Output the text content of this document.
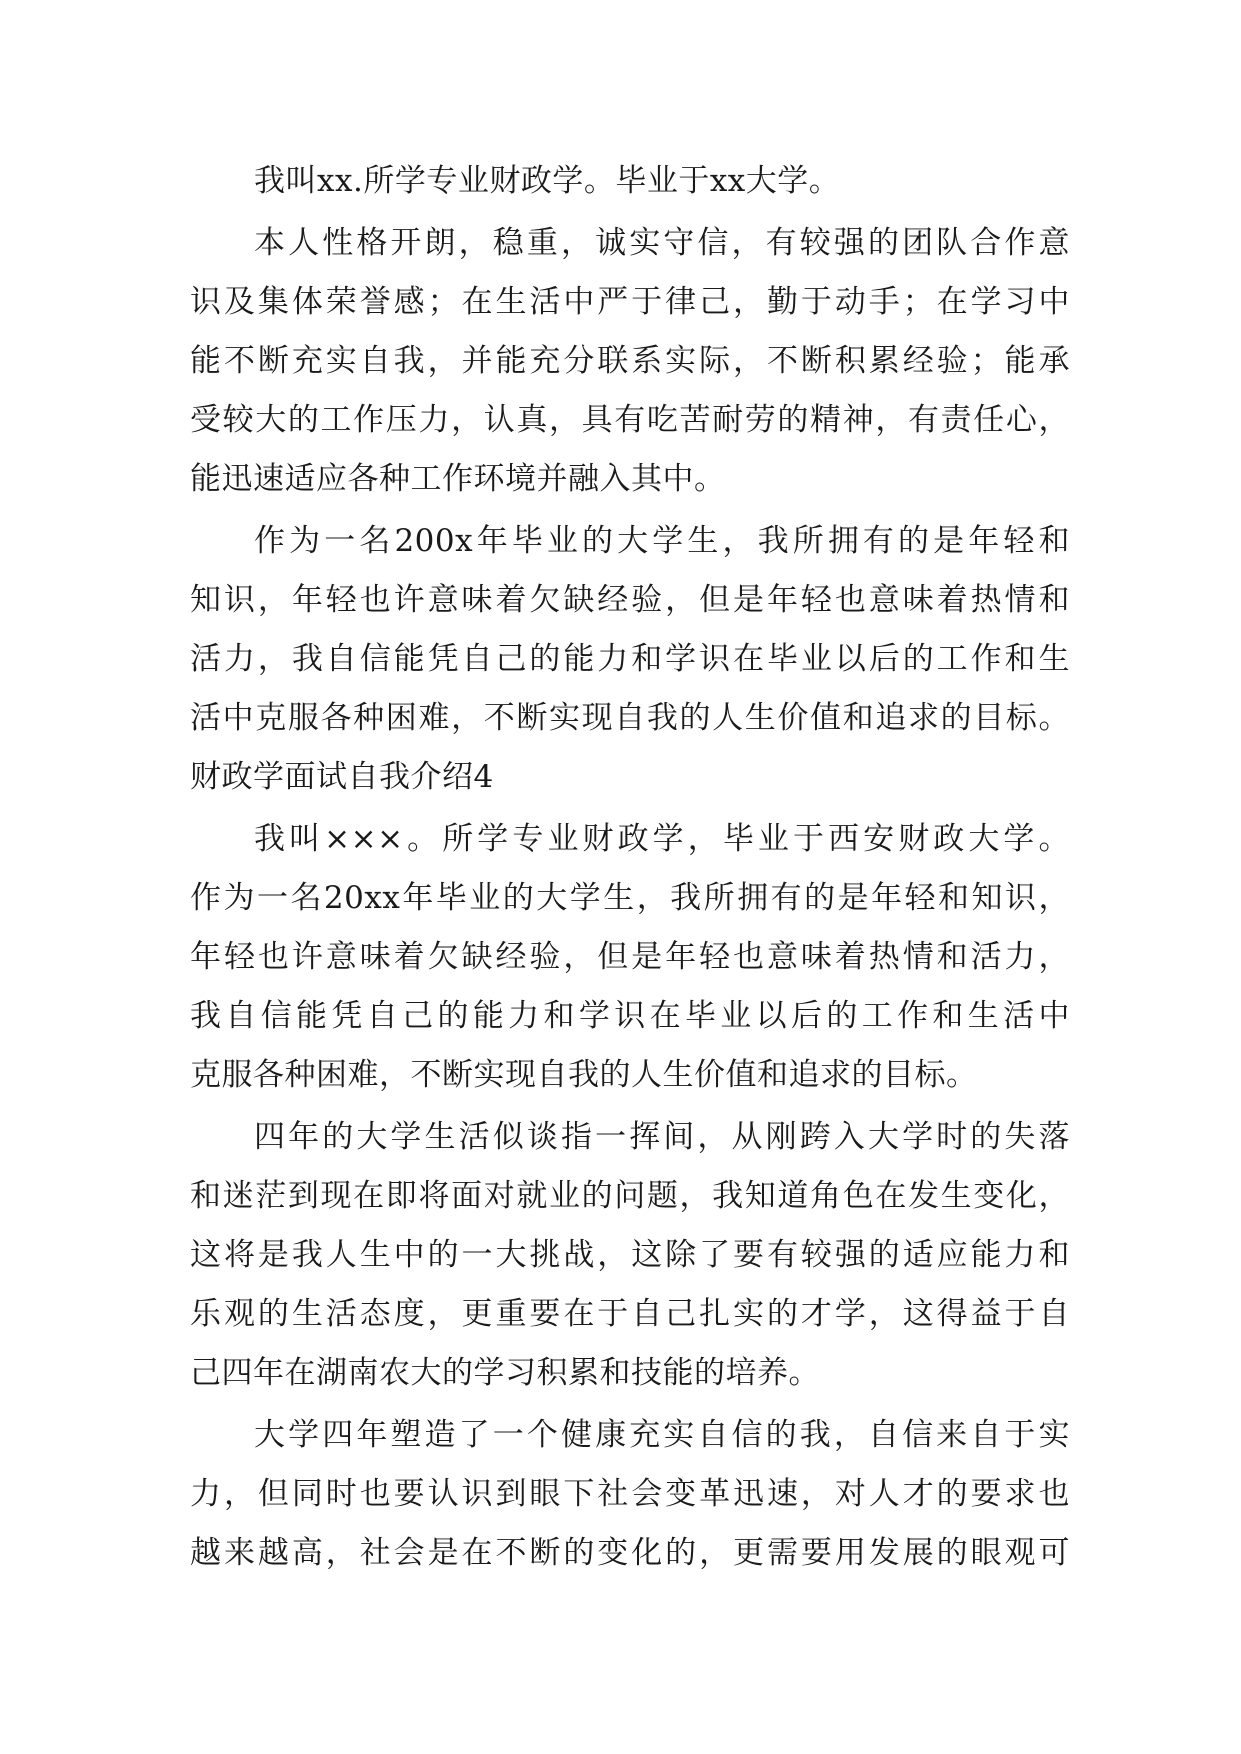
我叫xx.所学专业财政学。毕业于xx大学。
本人性格开朗，稳重，诚实守信，有较强的团队合作意
识及集体荣誉感；在生活中严于律己，勤于动手；在学习中
能不断充实自我，并能充分联系实际，不断积累经验；能承
受较大的工作压力，认真，具有吃苦耐劳的精神，有责任心，
能迅速适应各种工作环境并融入其中。
作为一名200x年毕业的大学生，我所拥有的是年轻和
知识，年轻也许意味着欠缺经验，但是年轻也意味着热情和
活力，我自信能凭自己的能力和学识在毕业以后的工作和生
活中克服各种困难，不断实现自我的人生价值和追求的目标。
财政学面试自我介绍4
我叫×××。所学专业财政学，毕业于西安财政大学。
作为一名20xx年毕业的大学生，我所拥有的是年轻和知识，
年轻也许意味着欠缺经验，但是年轻也意味着热情和活力，
我自信能凭自己的能力和学识在毕业以后的工作和生活中
克服各种困难，不断实现自我的人生价值和追求的目标。
四年的大学生活似谈指一挥间，从刚跨入大学时的失落
和迷茫到现在即将面对就业的问题，我知道角色在发生变化，
这将是我人生中的一大挑战，这除了要有较强的适应能力和
乐观的生活态度，更重要在于自己扎实的才学，这得益于自
己四年在湖南农大的学习积累和技能的培养。
大学四年塑造了一个健康充实自信的我，自信来自于实
力，但同时也要认识到眼下社会变革迅速，对人才的要求也
越来越高，社会是在不断的变化的，更需要用发展的眼观可
